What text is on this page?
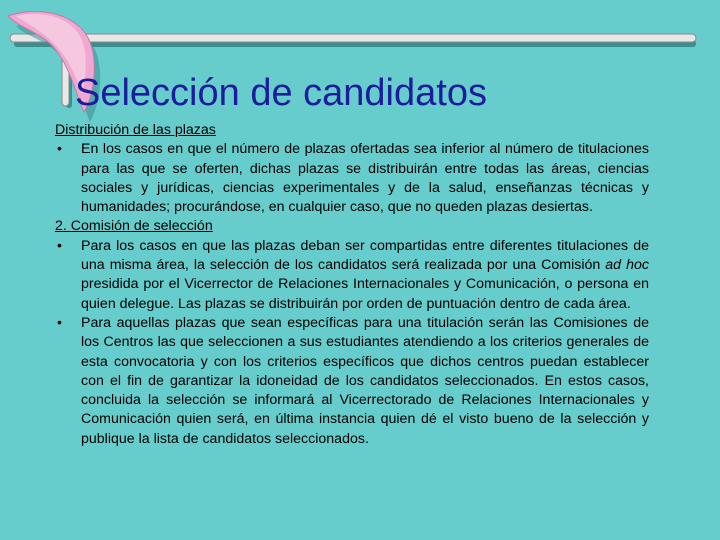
Selección de candidatos

Distribución de las plazas

• En los casos en que el número de plazas ofertadas sea inferior al número de titulaciones para las que se oferten, dichas plazas se distribuirán entre todas las áreas, ciencias sociales y jurídicas, ciencias experimentales y de la salud, enseñanzas técnicas y humanidades; procurándose, en cualquier caso, que no queden plazas desiertas.

2. Comisión de selección

• Para los casos en que las plazas deban ser compartidas entre diferentes titulaciones de una misma área, la selección de los candidatos será realizada por una Comisión ad hoc presidida por el Vicerrector de Relaciones Internacionales y Comunicación, o persona en quien delegue. Las plazas se distribuirán por orden de puntuación dentro de cada área.

• Para aquellas plazas que sean específicas para una titulación serán las Comisiones de los Centros las que seleccionen a sus estudiantes atendiendo a los criterios generales de esta convocatoria y con los criterios específicos que dichos centros puedan establecer con el fin de garantizar la idoneidad de los candidatos seleccionados. En estos casos, concluida la selección se informará al Vicerrectorado de Relaciones Internacionales y Comunicación quien será, en última instancia quien dé el visto bueno de la selección y publique la lista de candidatos seleccionados.
